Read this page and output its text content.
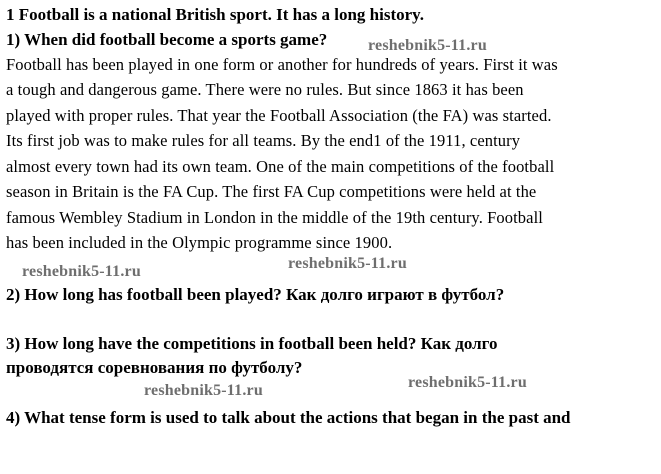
1 Football is a national British sport. It has a long history.
1) When did football become a sports game?
Football has been played in one form or another for hundreds of years. First it was
a tough and dangerous game. There were no rules. But since 1863 it has been
played with proper rules. That year the Football Association (the FA) was started.
Its first job was to make rules for all teams. By the end1 of the 1911, century
almost every town had its own team. One of the main competitions of the football
season in Britain is the FA Cup. The first FA Cup competitions were held at the
famous Wembley Stadium in London in the middle of the 19th century. Football
has been included in the Olympic programme since 1900.
2) How long has football been played? Как долго играют в футбол?
3) How long have the competitions in football been held? Как долго
проводятся соревнования по футболу?
4) What tense form is used to talk about the actions that began in the past and
reshebnik5-11.ru
reshebnik5-11.ru	reshebnik5-11.ru
reshebnik5-11.ru	reshebnik5-11.ru
